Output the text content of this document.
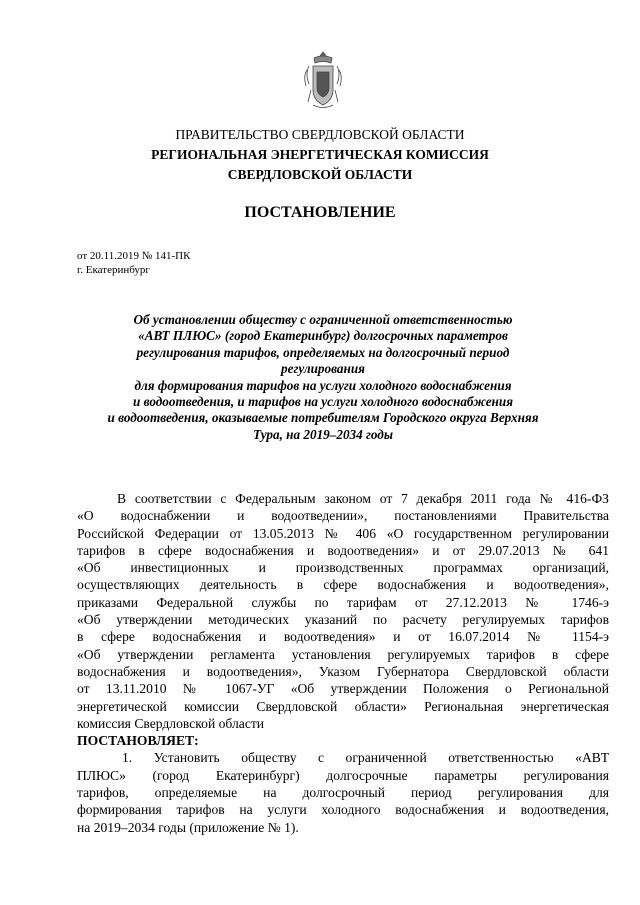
ПРАВИТЕЛЬСТВО СВЕРДЛОВСКОЙ ОБЛАСТИ
РЕГИОНАЛЬНАЯ ЭНЕРГЕТИЧЕСКАЯ КОМИССИЯ
СВЕРДЛОВСКОЙ ОБЛАСТИ
ПОСТАНОВЛЕНИЕ
от 20.11.2019 № 141-ПК
г. Екатеринбург
Об установлении обществу с ограниченной ответственностью
«АВТ ПЛЮС» (город Екатеринбург) долгосрочных параметров
регулирования тарифов, определяемых на долгосрочный период
регулирования
для формирования тарифов на услуги холодного водоснабжения
и водоотведения, и тарифов на услуги холодного водоснабжения
и водоотведения, оказываемые потребителям Городского округа Верхняя
Тура, на 2019–2034 годы
В соответствии с Федеральным законом от 7 декабря 2011 года № 416-ФЗ
«О водоснабжении и водоотведении», постановлениями Правительства
Российской Федерации от 13.05.2013 № 406 «О государственном регулировании
тарифов в сфере водоснабжения и водоотведения» и от 29.07.2013 № 641
«Об инвестиционных и производственных программах организаций,
осуществляющих деятельность в сфере водоснабжения и водоотведения»,
приказами Федеральной службы по тарифам от 27.12.2013 № 1746-э
«Об утверждении методических указаний по расчету регулируемых тарифов
в сфере водоснабжения и водоотведения» и от 16.07.2014 № 1154-э
«Об утверждении регламента установления регулируемых тарифов в сфере
водоснабжения и водоотведения», Указом Губернатора Свердловской области
от 13.11.2010 № 1067-УГ «Об утверждении Положения о Региональной
энергетической комиссии Свердловской области» Региональная энергетическая
комиссия Свердловской области
ПОСТАНОВЛЯЕТ:
1. Установить обществу с ограниченной ответственностью «АВТ
ПЛЮС» (город Екатеринбург) долгосрочные параметры регулирования
тарифов, определяемые на долгосрочный период регулирования для
формирования тарифов на услуги холодного водоснабжения и водоотведения,
на 2019–2034 годы (приложение № 1).
